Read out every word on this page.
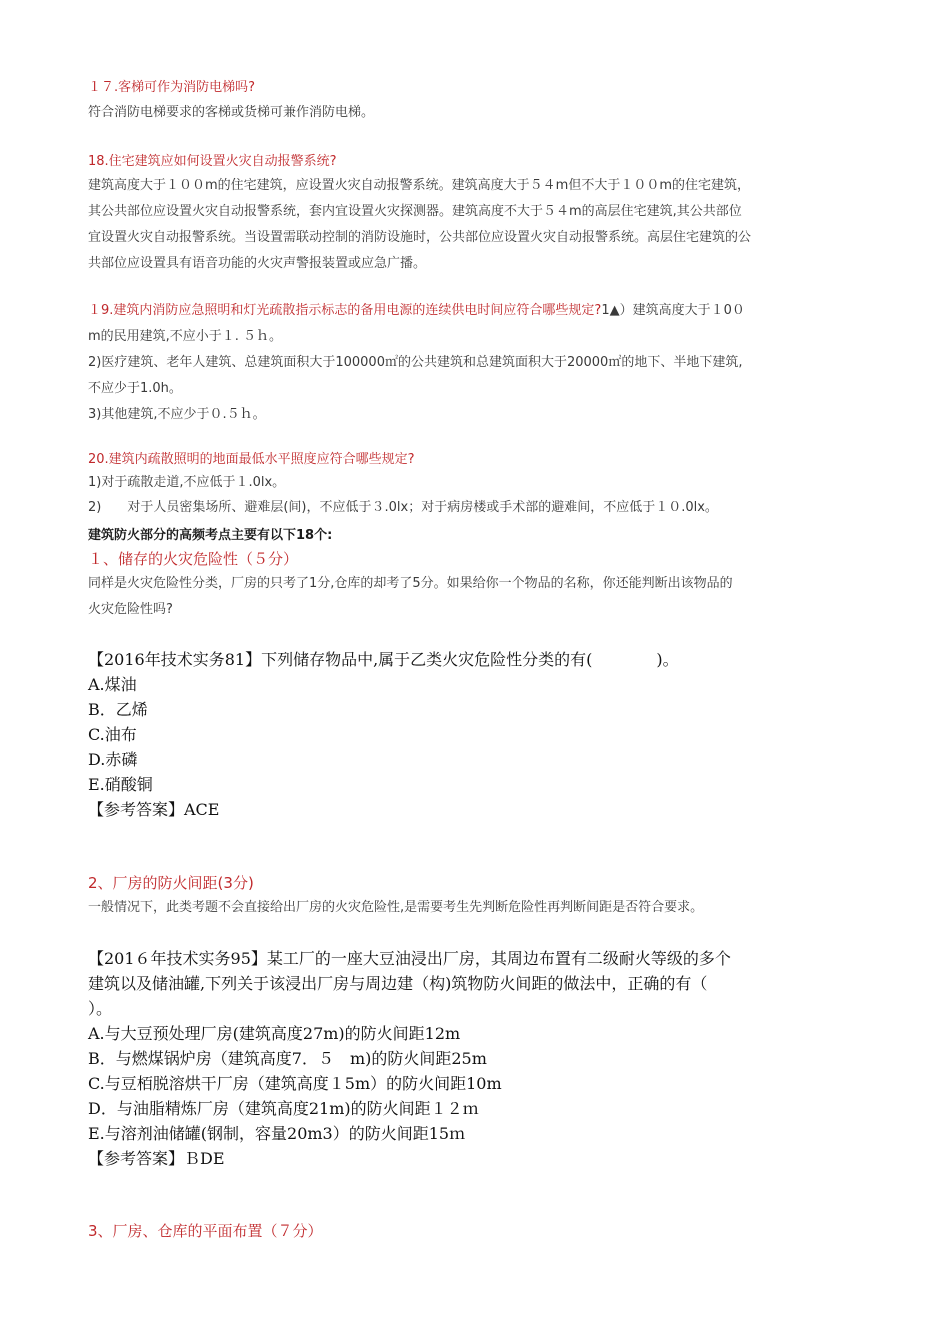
１７.客梯可作为消防电梯吗?

符合消防电梯要求的客梯或货梯可兼作消防电梯。

18.住宅建筑应如何设置火灾自动报警系统?

建筑高度大于１００m的住宅建筑，应设置火灾自动报警系统。建筑高度大于５４m但不大于１００m的住宅建筑，
其公共部位应设置火灾自动报警系统，套内宜设置火灾探测器。建筑高度不大于５４m的高层住宅建筑,其公共部位
宜设置火灾自动报警系统。当设置需联动控制的消防设施时，公共部位应设置火灾自动报警系统。高层住宅建筑的公
共部位应设置具有语音功能的火灾声警报装置或应急广播。
１9.建筑内消防应急照明和灯光疏散指示标志的备用电源的连续供电时间应符合哪些规定?1▲）建筑高度大于１0０
m的民用建筑,不应小于１. ５ｈ。
2)医疗建筑、老年人建筑、总建筑面积大于100000㎡的公共建筑和总建筑面积大于20000㎡的地下、半地下建筑,
不应少于1.0h。
3)其他建筑,不应少于０.５ｈ。

20.建筑内疏散照明的地面最低水平照度应符合哪些规定?

1)对于疏散走道,不应低于１.0lx。
2)　　对于人员密集场所、避难层(间)，不应低于３.0lx；对于病房楼或手术部的避难间，不应低于１０.0lx。

建筑防火部分的高频考点主要有以下18个:

１、储存的火灾危险性（５分）

同样是火灾危险性分类，厂房的只考了1分,仓库的却考了5分。如果给你一个物品的名称，你还能判断出该物品的
火灾危险性吗?
【2016年技术实务81】下列储存物品中,属于乙类火灾危险性分类的有(　　　　)。
A.煤油
B．乙烯
C.油布
D.赤磷
E.硝酸铜
【参考答案】ACE

2、厂房的防火间距(3分)

一般情况下，此类考题不会直接给出厂房的火灾危险性,是需要考生先判断危险性再判断间距是否符合要求。

【201６年技术实务95】某工厂的一座大豆油浸出厂房，其周边布置有二级耐火等级的多个
建筑以及储油罐,下列关于该浸出厂房与周边建（构)筑物防火间距的做法中，正确的有（
）。
A.与大豆预处理厂房(建筑高度27m)的防火间距12m
B．与燃煤锅炉房（建筑高度7．５　m)的防火间距25m
C.与豆栢脱溶烘干厂房（建筑高度１5m）的防火间距10m
D．与油脂精炼厂房（建筑高度21m)的防火间距１２ｍ
E.与溶剂油储罐(钢制，容量20m3）的防火间距15ｍ
【参考答案】ＢDE

3、厂房、仓库的平面布置（７分）
